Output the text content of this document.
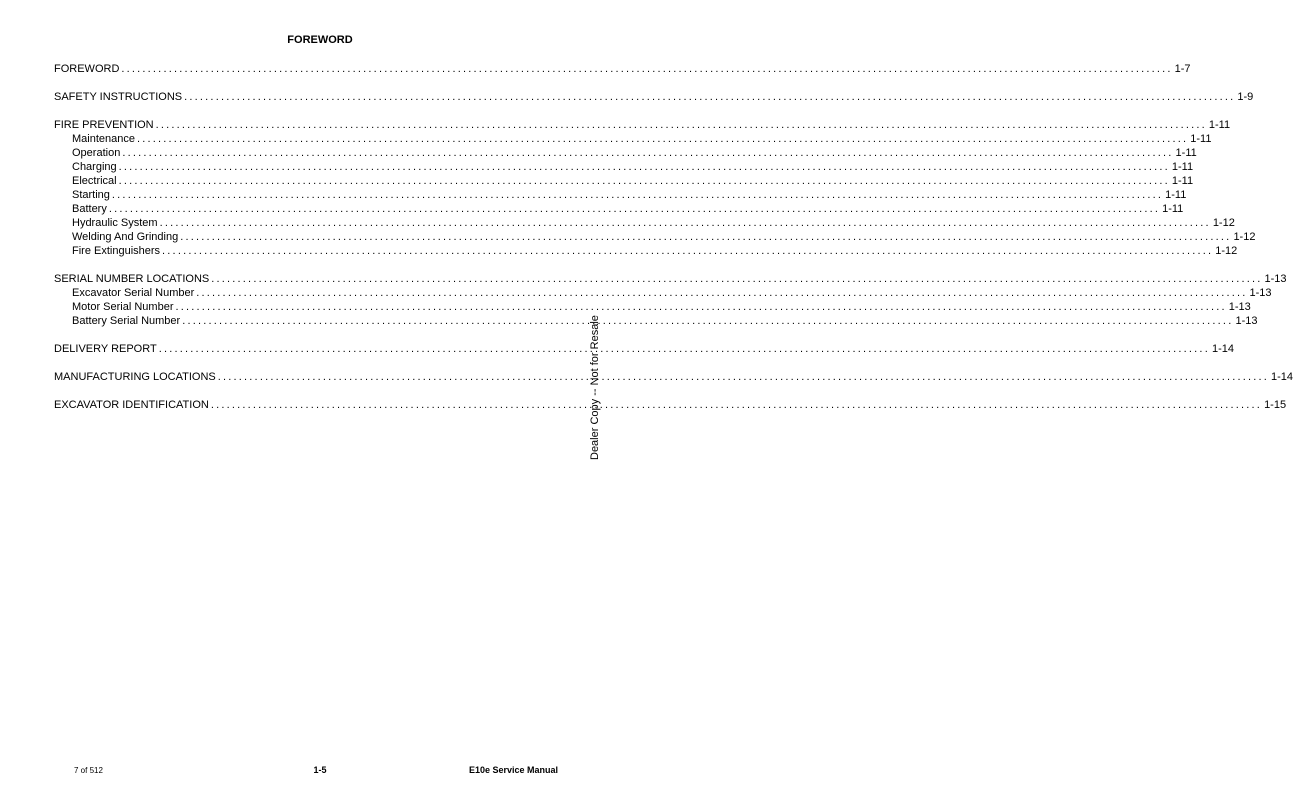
FOREWORD
FOREWORD ........................................................................................................................................................................................................ 1-7
SAFETY INSTRUCTIONS ........................................................................................................................................................................................................ 1-9
FIRE PREVENTION ........................................................................................................................................................................................................ 1-11
Maintenance ........................................................................................................................................................................................................ 1-11
Operation ........................................................................................................................................................................................................ 1-11
Charging ........................................................................................................................................................................................................ 1-11
Electrical ........................................................................................................................................................................................................ 1-11
Starting ........................................................................................................................................................................................................ 1-11
Battery ........................................................................................................................................................................................................ 1-11
Hydraulic System ........................................................................................................................................................................................................ 1-12
Welding And Grinding ........................................................................................................................................................................................................ 1-12
Fire Extinguishers ........................................................................................................................................................................................................ 1-12
SERIAL NUMBER LOCATIONS ........................................................................................................................................................................................................ 1-13
Excavator Serial Number ........................................................................................................................................................................................................ 1-13
Motor Serial Number ........................................................................................................................................................................................................ 1-13
Battery Serial Number ........................................................................................................................................................................................................ 1-13
DELIVERY REPORT ........................................................................................................................................................................................................ 1-14
MANUFACTURING LOCATIONS ........................................................................................................................................................................................................ 1-14
EXCAVATOR IDENTIFICATION ........................................................................................................................................................................................................ 1-15
Dealer Copy -- Not for Resale
7 of 512	1-5	E10e Service Manual
